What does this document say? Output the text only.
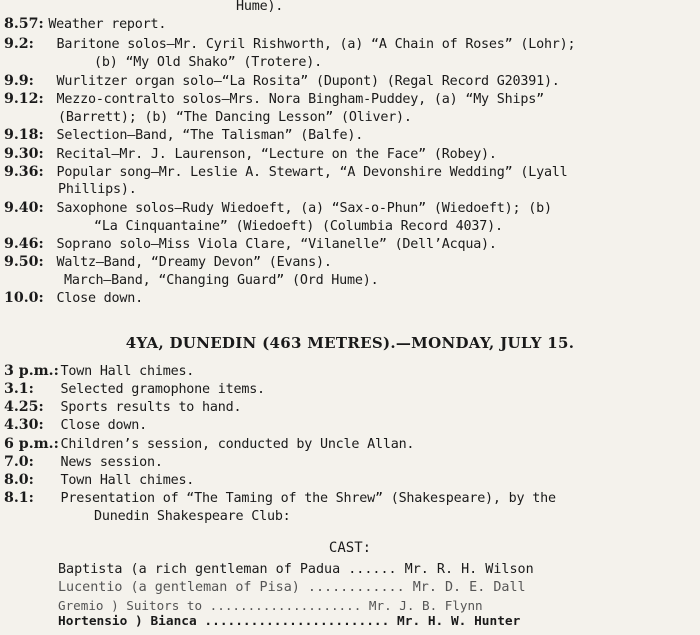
Hume).
8.57: Weather report.
9.2: Baritone solos—Mr. Cyril Rishworth, (a) “A Chain of Roses” (Lohr);
(b) “My Old Shako” (Trotere).
9.9: Wurlitzer organ solo—“La Rosita” (Dupont) (Regal Record G20391).
9.12: Mezzo-contralto solos—Mrs. Nora Bingham-Puddey, (a) “My Ships”
(Barrett); (b) “The Dancing Lesson” (Oliver).
9.18: Selection—Band, “The Talisman” (Balfe).
9.30: Recital—Mr. J. Laurenson, “Lecture on the Face” (Robey).
9.36: Popular song—Mr. Leslie A. Stewart, “A Devonshire Wedding” (Lyall
Phillips).
9.40: Saxophone solos—Rudy Wiedoeft, (a) “Sax-o-Phun” (Wiedoeft); (b)
“La Cinquantaine” (Wiedoeft) (Columbia Record 4037).
9.46: Soprano solo—Miss Viola Clare, “Vilanelle” (Dell’Acqua).
9.50: Waltz—Band, “Dreamy Devon” (Evans).
March—Band, “Changing Guard” (Ord Hume).
10.0: Close down.
4YA, DUNEDIN (463 METRES).—MONDAY, JULY 15.
3 p.m.: Town Hall chimes.
3.1: Selected gramophone items.
4.25: Sports results to hand.
4.30: Close down.
6 p.m.: Children’s session, conducted by Uncle Allan.
7.0: News session.
8.0: Town Hall chimes.
8.1: Presentation of “The Taming of the Shrew” (Shakespeare), by the
Dunedin Shakespeare Club:
CAST:
Baptista (a rich gentleman of Padua ...... Mr. R. H. Wilson
Lucentio (a gentleman of Pisa) ............ Mr. D. E. Dall
Gremio ) Suitors to .................... Mr. J. B. Flynn
Hortensio ) Bianca ........................ Mr. H. W. Hunter
